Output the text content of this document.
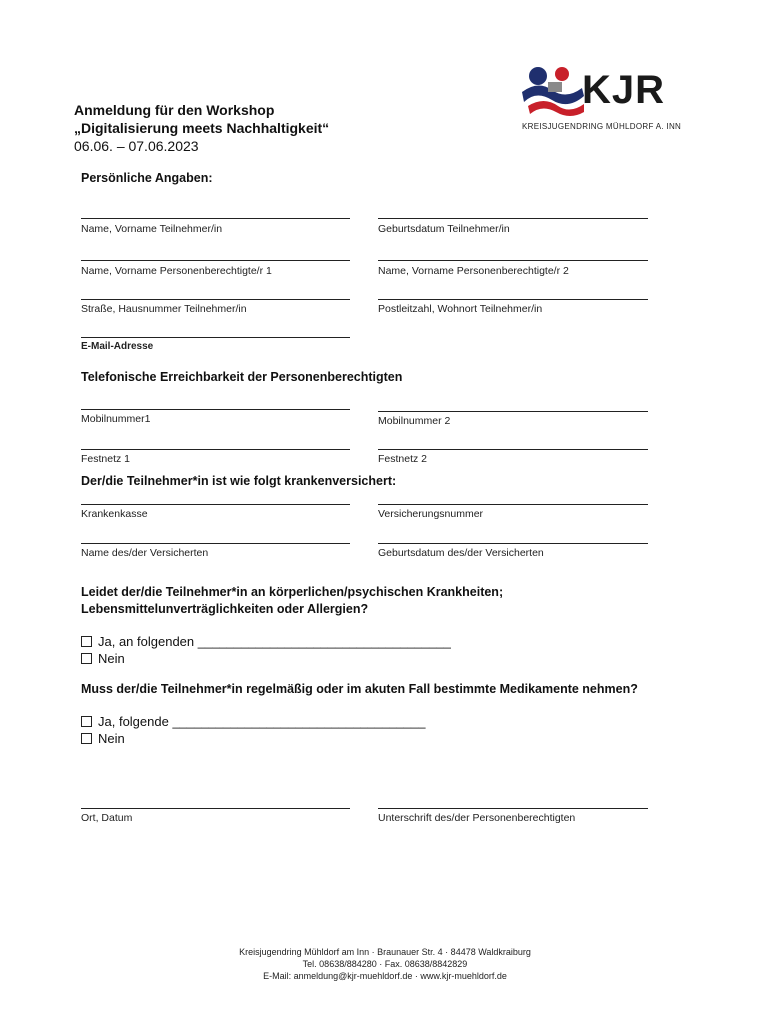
KJR
KREISJUGENDRING MÜHLDORF A. INN
Anmeldung für den Workshop
„Digitalisierung meets Nachhaltigkeit“
06.06. – 07.06.2023
Persönliche Angaben:
Name, Vorname Teilnehmer/in	Geburtsdatum Teilnehmer/in
Name, Vorname Personenberechtigte/r 1	Name, Vorname Personenberechtigte/r 2
Straße, Hausnummer Teilnehmer/in	Postleitzahl, Wohnort Teilnehmer/in
E-Mail-Adresse
Telefonische Erreichbarkeit der Personenberechtigten
Mobilnummer1	Mobilnummer 2
Festnetz 1	Festnetz 2
Der/die Teilnehmer*in ist wie folgt krankenversichert:
Krankenkasse	Versicherungsnummer
Name des/der Versicherten	Geburtsdatum des/der Versicherten
Leidet der/die Teilnehmer*in an körperlichen/psychischen Krankheiten;
Lebensmittelunverträglichkeiten oder Allergien?
Ja, an folgenden ___________________________________
Nein
Muss der/die Teilnehmer*in regelmäßig oder im akuten Fall bestimmte Medikamente nehmen?
Ja, folgende ___________________________________
Nein
Ort, Datum	Unterschrift des/der Personenberechtigten
Kreisjugendring Mühldorf am Inn · Braunauer Str. 4 · 84478 Waldkraiburg
Tel. 08638/884280 · Fax. 08638/8842829
E-Mail: anmeldung@kjr-muehldorf.de · www.kjr-muehldorf.de
